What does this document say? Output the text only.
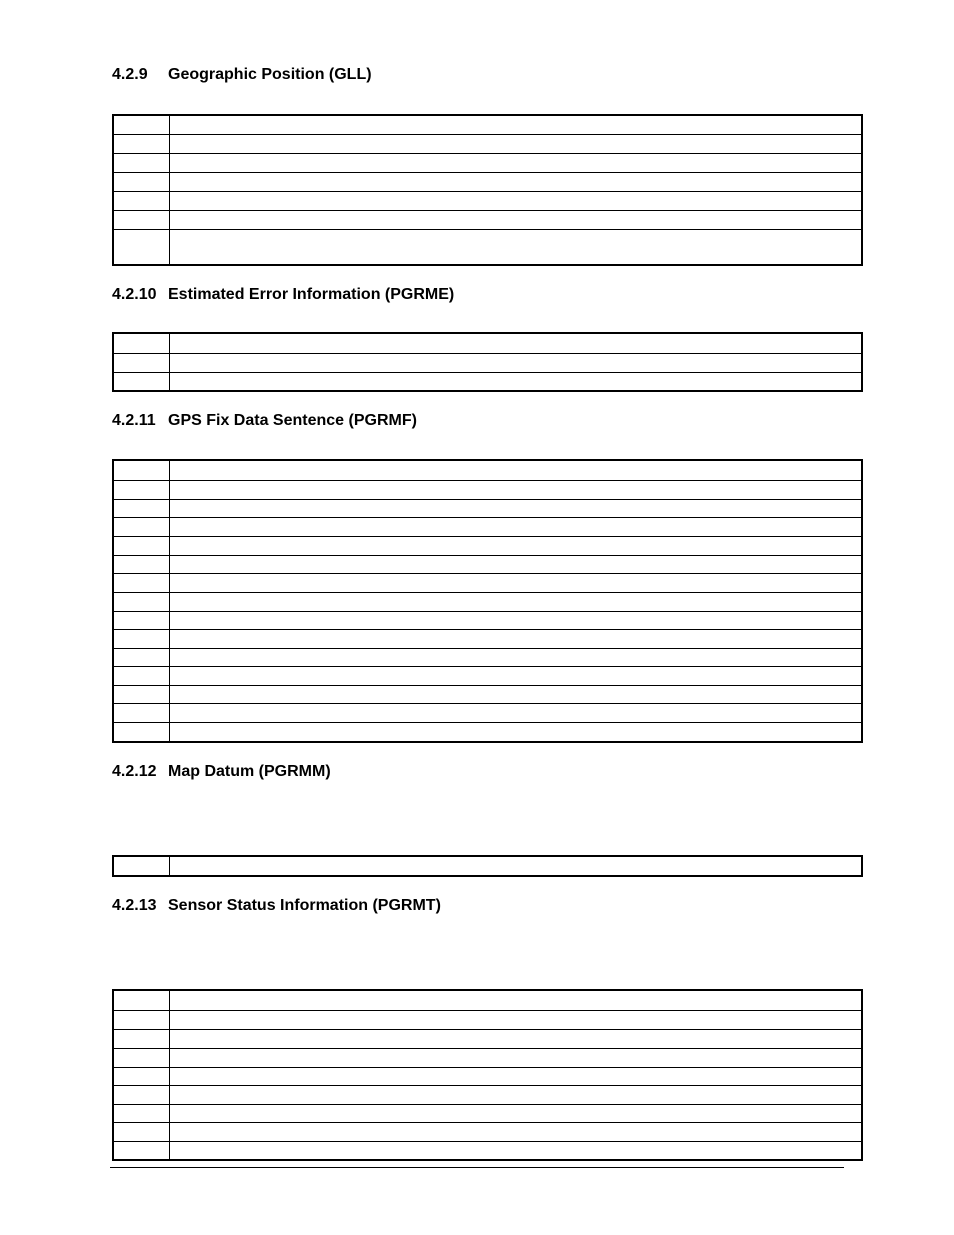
4.2.9 Geographic Position (GLL)

4.2.10 Estimated Error Information (PGRME)

4.2.11 GPS Fix Data Sentence (PGRMF)

4.2.12 Map Datum (PGRMM)

4.2.13 Sensor Status Information (PGRMT)
